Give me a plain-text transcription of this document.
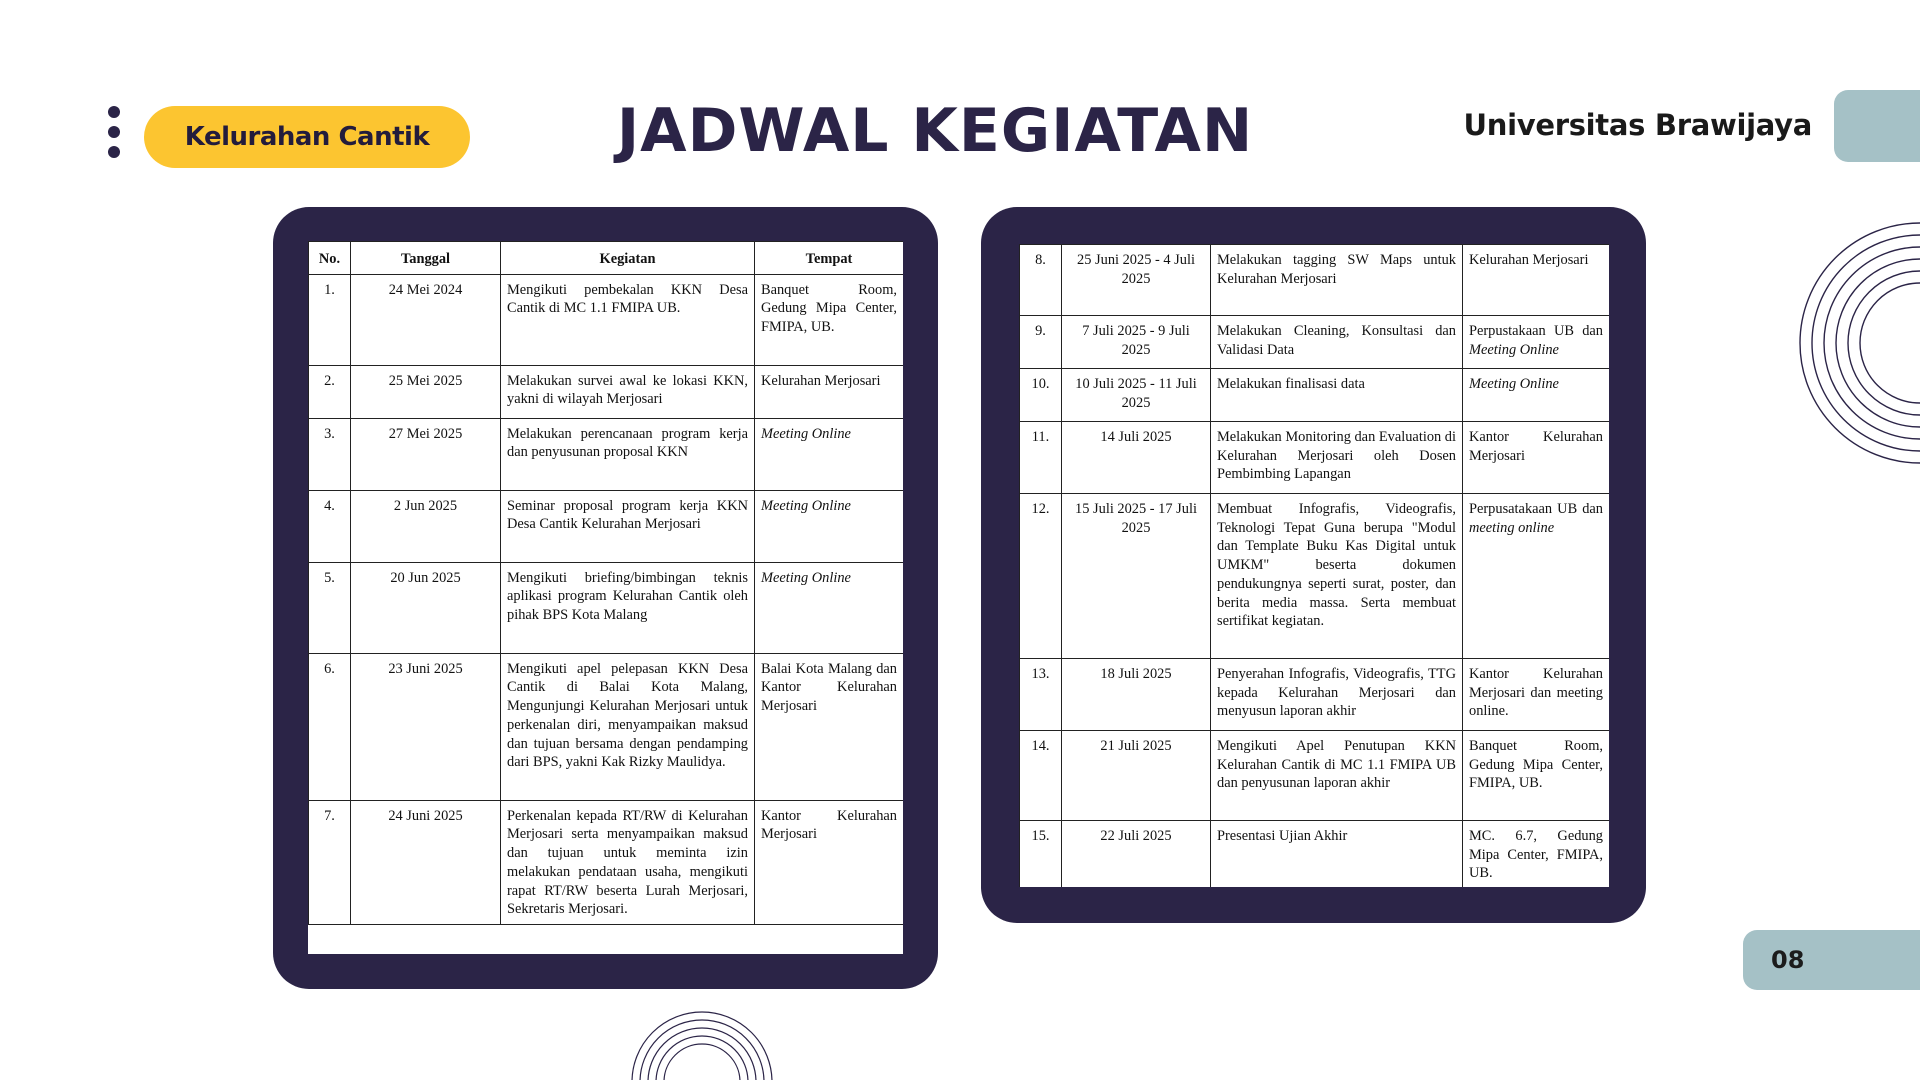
Kelurahan Cantik	JADWAL KEGIATAN	Universitas Brawijaya
08
No.	Tanggal	Kegiatan	Tempat
1.	24 Mei 2024	Mengikuti pembekalan KKN Desa Cantik di MC 1.1 FMIPA UB.	Banquet Room, Gedung Mipa Center, FMIPA, UB.
2.	25 Mei 2025	Melakukan survei awal ke lokasi KKN, yakni di wilayah Merjosari	Kelurahan Merjosari
3.	27 Mei 2025	Melakukan perencanaan program kerja dan penyusunan proposal KKN	Meeting Online
4.	2 Jun 2025	Seminar proposal program kerja KKN Desa Cantik Kelurahan Merjosari	Meeting Online
5.	20 Jun 2025	Mengikuti briefing/bimbingan teknis aplikasi program Kelurahan Cantik oleh pihak BPS Kota Malang	Meeting Online
6.	23 Juni 2025	Mengikuti apel pelepasan KKN Desa Cantik di Balai Kota Malang, Mengunjungi Kelurahan Merjosari untuk perkenalan diri, menyampaikan maksud dan tujuan bersama dengan pendamping dari BPS, yakni Kak Rizky Maulidya.	Balai Kota Malang dan Kantor Kelurahan Merjosari
7.	24 Juni 2025	Perkenalan kepada RT/RW di Kelurahan Merjosari serta menyampaikan maksud dan tujuan untuk meminta izin melakukan pendataan usaha, mengikuti rapat RT/RW beserta Lurah Merjosari, Sekretaris Merjosari.	Kantor Kelurahan Merjosari
8.	25 Juni 2025 - 4 Juli 2025	Melakukan tagging SW Maps untuk Kelurahan Merjosari	Kelurahan Merjosari
9.	7 Juli 2025 - 9 Juli 2025	Melakukan Cleaning, Konsultasi dan Validasi Data	Perpustakaan UB dan Meeting Online
10.	10 Juli 2025 - 11 Juli 2025	Melakukan finalisasi data	Meeting Online
11.	14 Juli 2025	Melakukan Monitoring dan Evaluation di Kelurahan Merjosari oleh Dosen Pembimbing Lapangan	Kantor Kelurahan Merjosari
12.	15 Juli 2025 - 17 Juli 2025	Membuat Infografis, Videografis, Teknologi Tepat Guna berupa "Modul dan Template Buku Kas Digital untuk UMKM" beserta dokumen pendukungnya seperti surat, poster, dan berita media massa. Serta membuat sertifikat kegiatan.	Perpusatakaan UB dan meeting online
13.	18 Juli 2025	Penyerahan Infografis, Videografis, TTG kepada Kelurahan Merjosari dan menyusun laporan akhir	Kantor Kelurahan Merjosari dan meeting online.
14.	21 Juli 2025	Mengikuti Apel Penutupan KKN Kelurahan Cantik di MC 1.1 FMIPA UB dan penyusunan laporan akhir	Banquet Room, Gedung Mipa Center, FMIPA, UB.
15.	22 Juli 2025	Presentasi Ujian Akhir	MC. 6.7, Gedung Mipa Center, FMIPA, UB.
